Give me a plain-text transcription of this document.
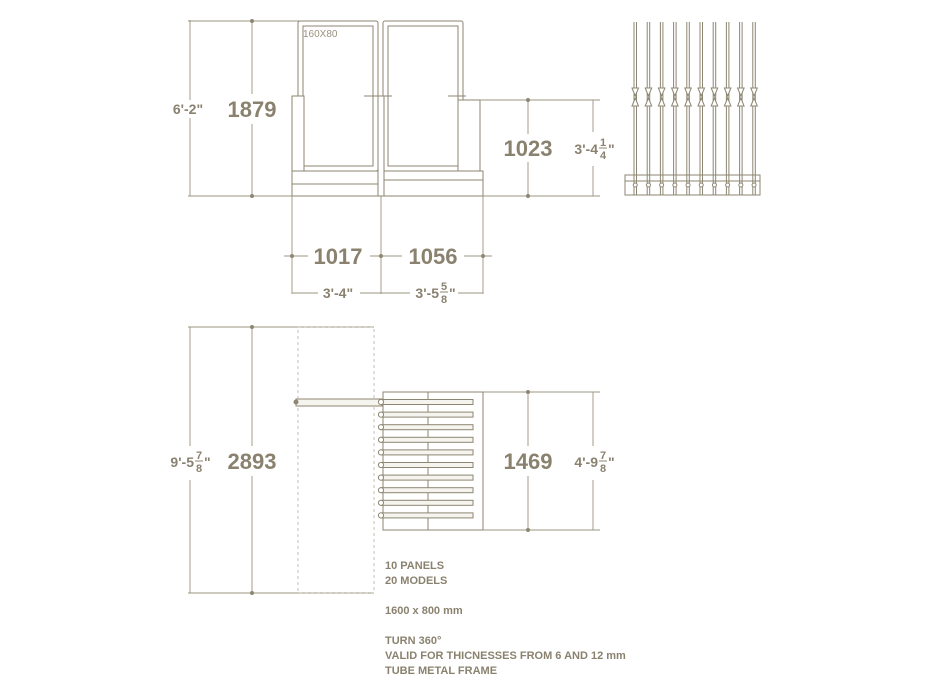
1879
6'-2"
160X80
1023 3'-4 1
4 "
1017 1056
3'-4"	3'-5 5
8 "
2893
9'-5 7
8 "	1469 4'-9 7
8 "
10 PANELS
20 MODELS
1600 x 800 mm
TURN 360°
VALID FOR THICNESSES FROM 6 AND 12 mm
TUBE METAL FRAME
